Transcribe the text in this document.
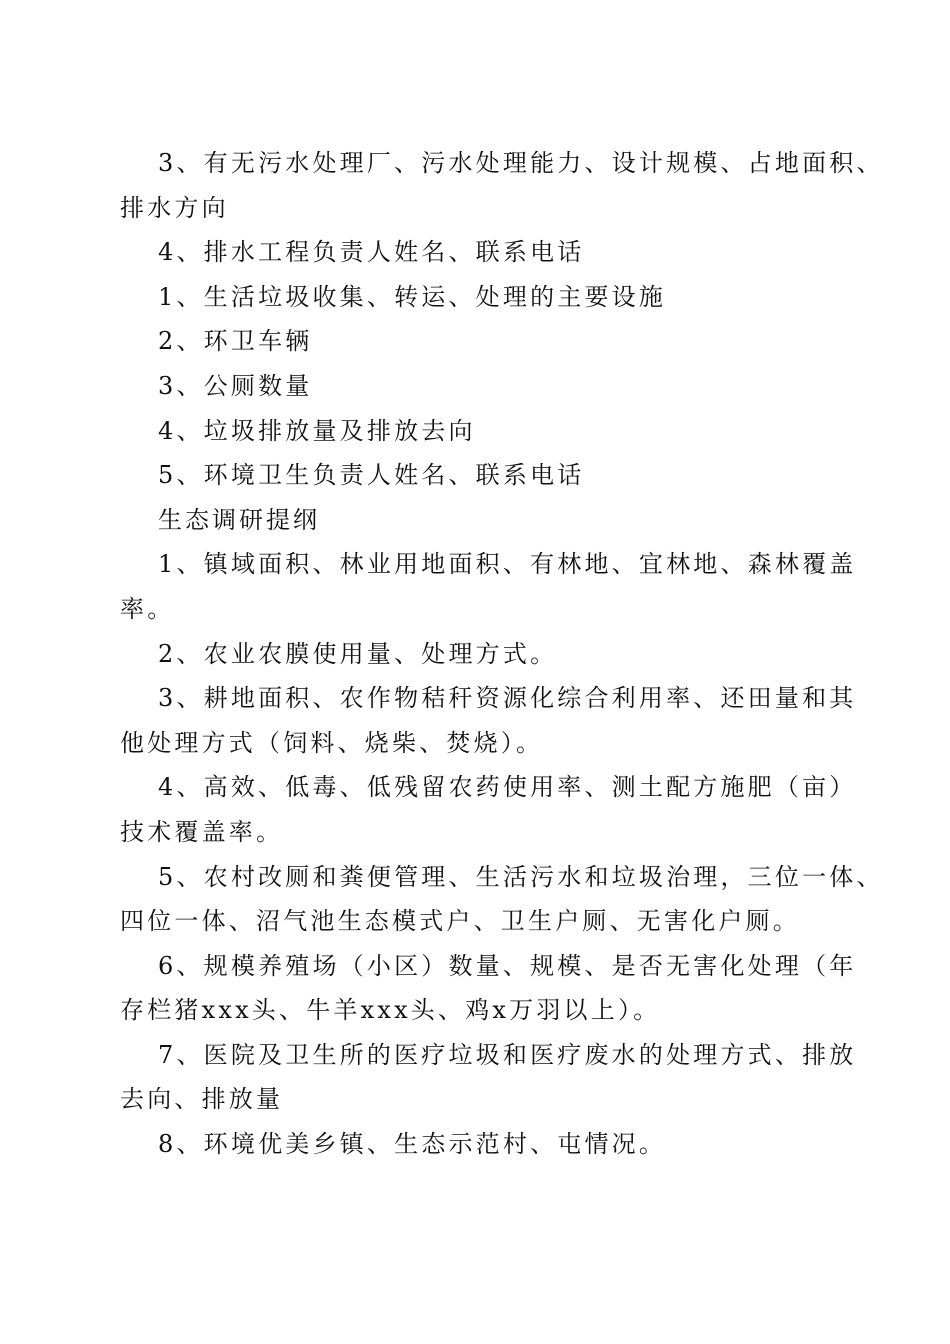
3、有无污水处理厂、污水处理能力、设计规模、占地面积、

排水方向

4、排水工程负责人姓名、联系电话

1、生活垃圾收集、转运、处理的主要设施

2、环卫车辆

3、公厕数量

4、垃圾排放量及排放去向

5、环境卫生负责人姓名、联系电话

生态调研提纲

1、镇域面积、林业用地面积、有林地、宜林地、森林覆盖

率。

2、农业农膜使用量、处理方式。

3、耕地面积、农作物秸秆资源化综合利用率、还田量和其

他处理方式（饲料、烧柴、焚烧）。

4、高效、低毒、低残留农药使用率、测土配方施肥（亩）

技术覆盖率。

5、农村改厕和粪便管理、生活污水和垃圾治理，三位一体、

四位一体、沼气池生态模式户、卫生户厕、无害化户厕。

6、规模养殖场（小区）数量、规模、是否无害化处理（年

存栏猪xxx头、牛羊xxx头、鸡x万羽以上）。

7、医院及卫生所的医疗垃圾和医疗废水的处理方式、排放

去向、排放量

8、环境优美乡镇、生态示范村、屯情况。
